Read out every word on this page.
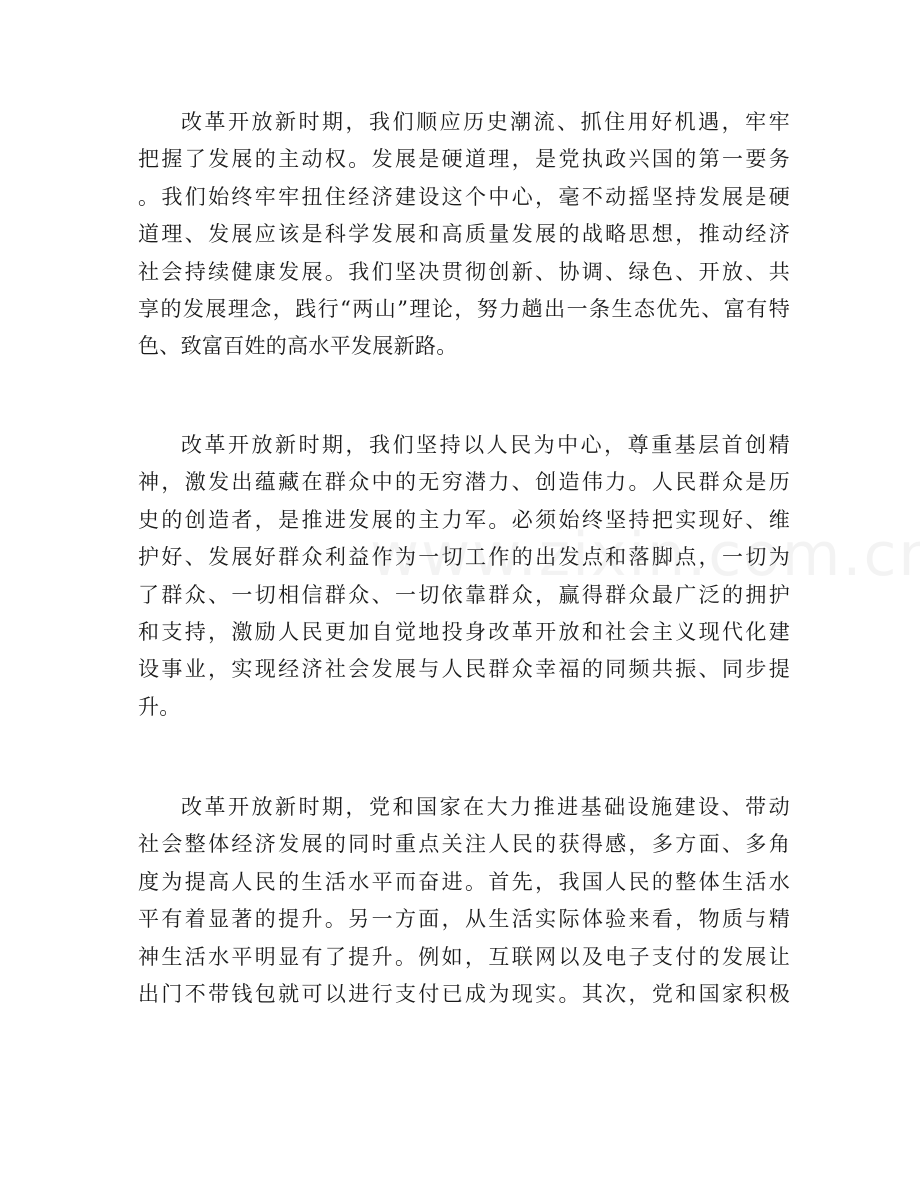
改革开放新时期，我们顺应历史潮流、抓住用好机遇，牢牢
把握了发展的主动权。发展是硬道理，是党执政兴国的第一要务
。我们始终牢牢扭住经济建设这个中心，毫不动摇坚持发展是硬
道理、发展应该是科学发展和高质量发展的战略思想，推动经济
社会持续健康发展。我们坚决贯彻创新、协调、绿色、开放、共
享的发展理念，践行“两山”理论，努力趟出一条生态优先、富有特
色、致富百姓的高水平发展新路。
改革开放新时期，我们坚持以人民为中心，尊重基层首创精
神，激发出蕴藏在群众中的无穷潜力、创造伟力。人民群众是历
史的创造者，是推进发展的主力军。必须始终坚持把实现好、维
护好、发展好群众利益作为一切工作的出发点和落脚点，一切为
了群众、一切相信群众、一切依靠群众，赢得群众最广泛的拥护
和支持，激励人民更加自觉地投身改革开放和社会主义现代化建
设事业，实现经济社会发展与人民群众幸福的同频共振、同步提
升。
改革开放新时期，党和国家在大力推进基础设施建设、带动
社会整体经济发展的同时重点关注人民的获得感，多方面、多角
度为提高人民的生活水平而奋进。首先，我国人民的整体生活水
平有着显著的提升。另一方面，从生活实际体验来看，物质与精
神生活水平明显有了提升。例如，互联网以及电子支付的发展让
出门不带钱包就可以进行支付已成为现实。其次，党和国家积极
